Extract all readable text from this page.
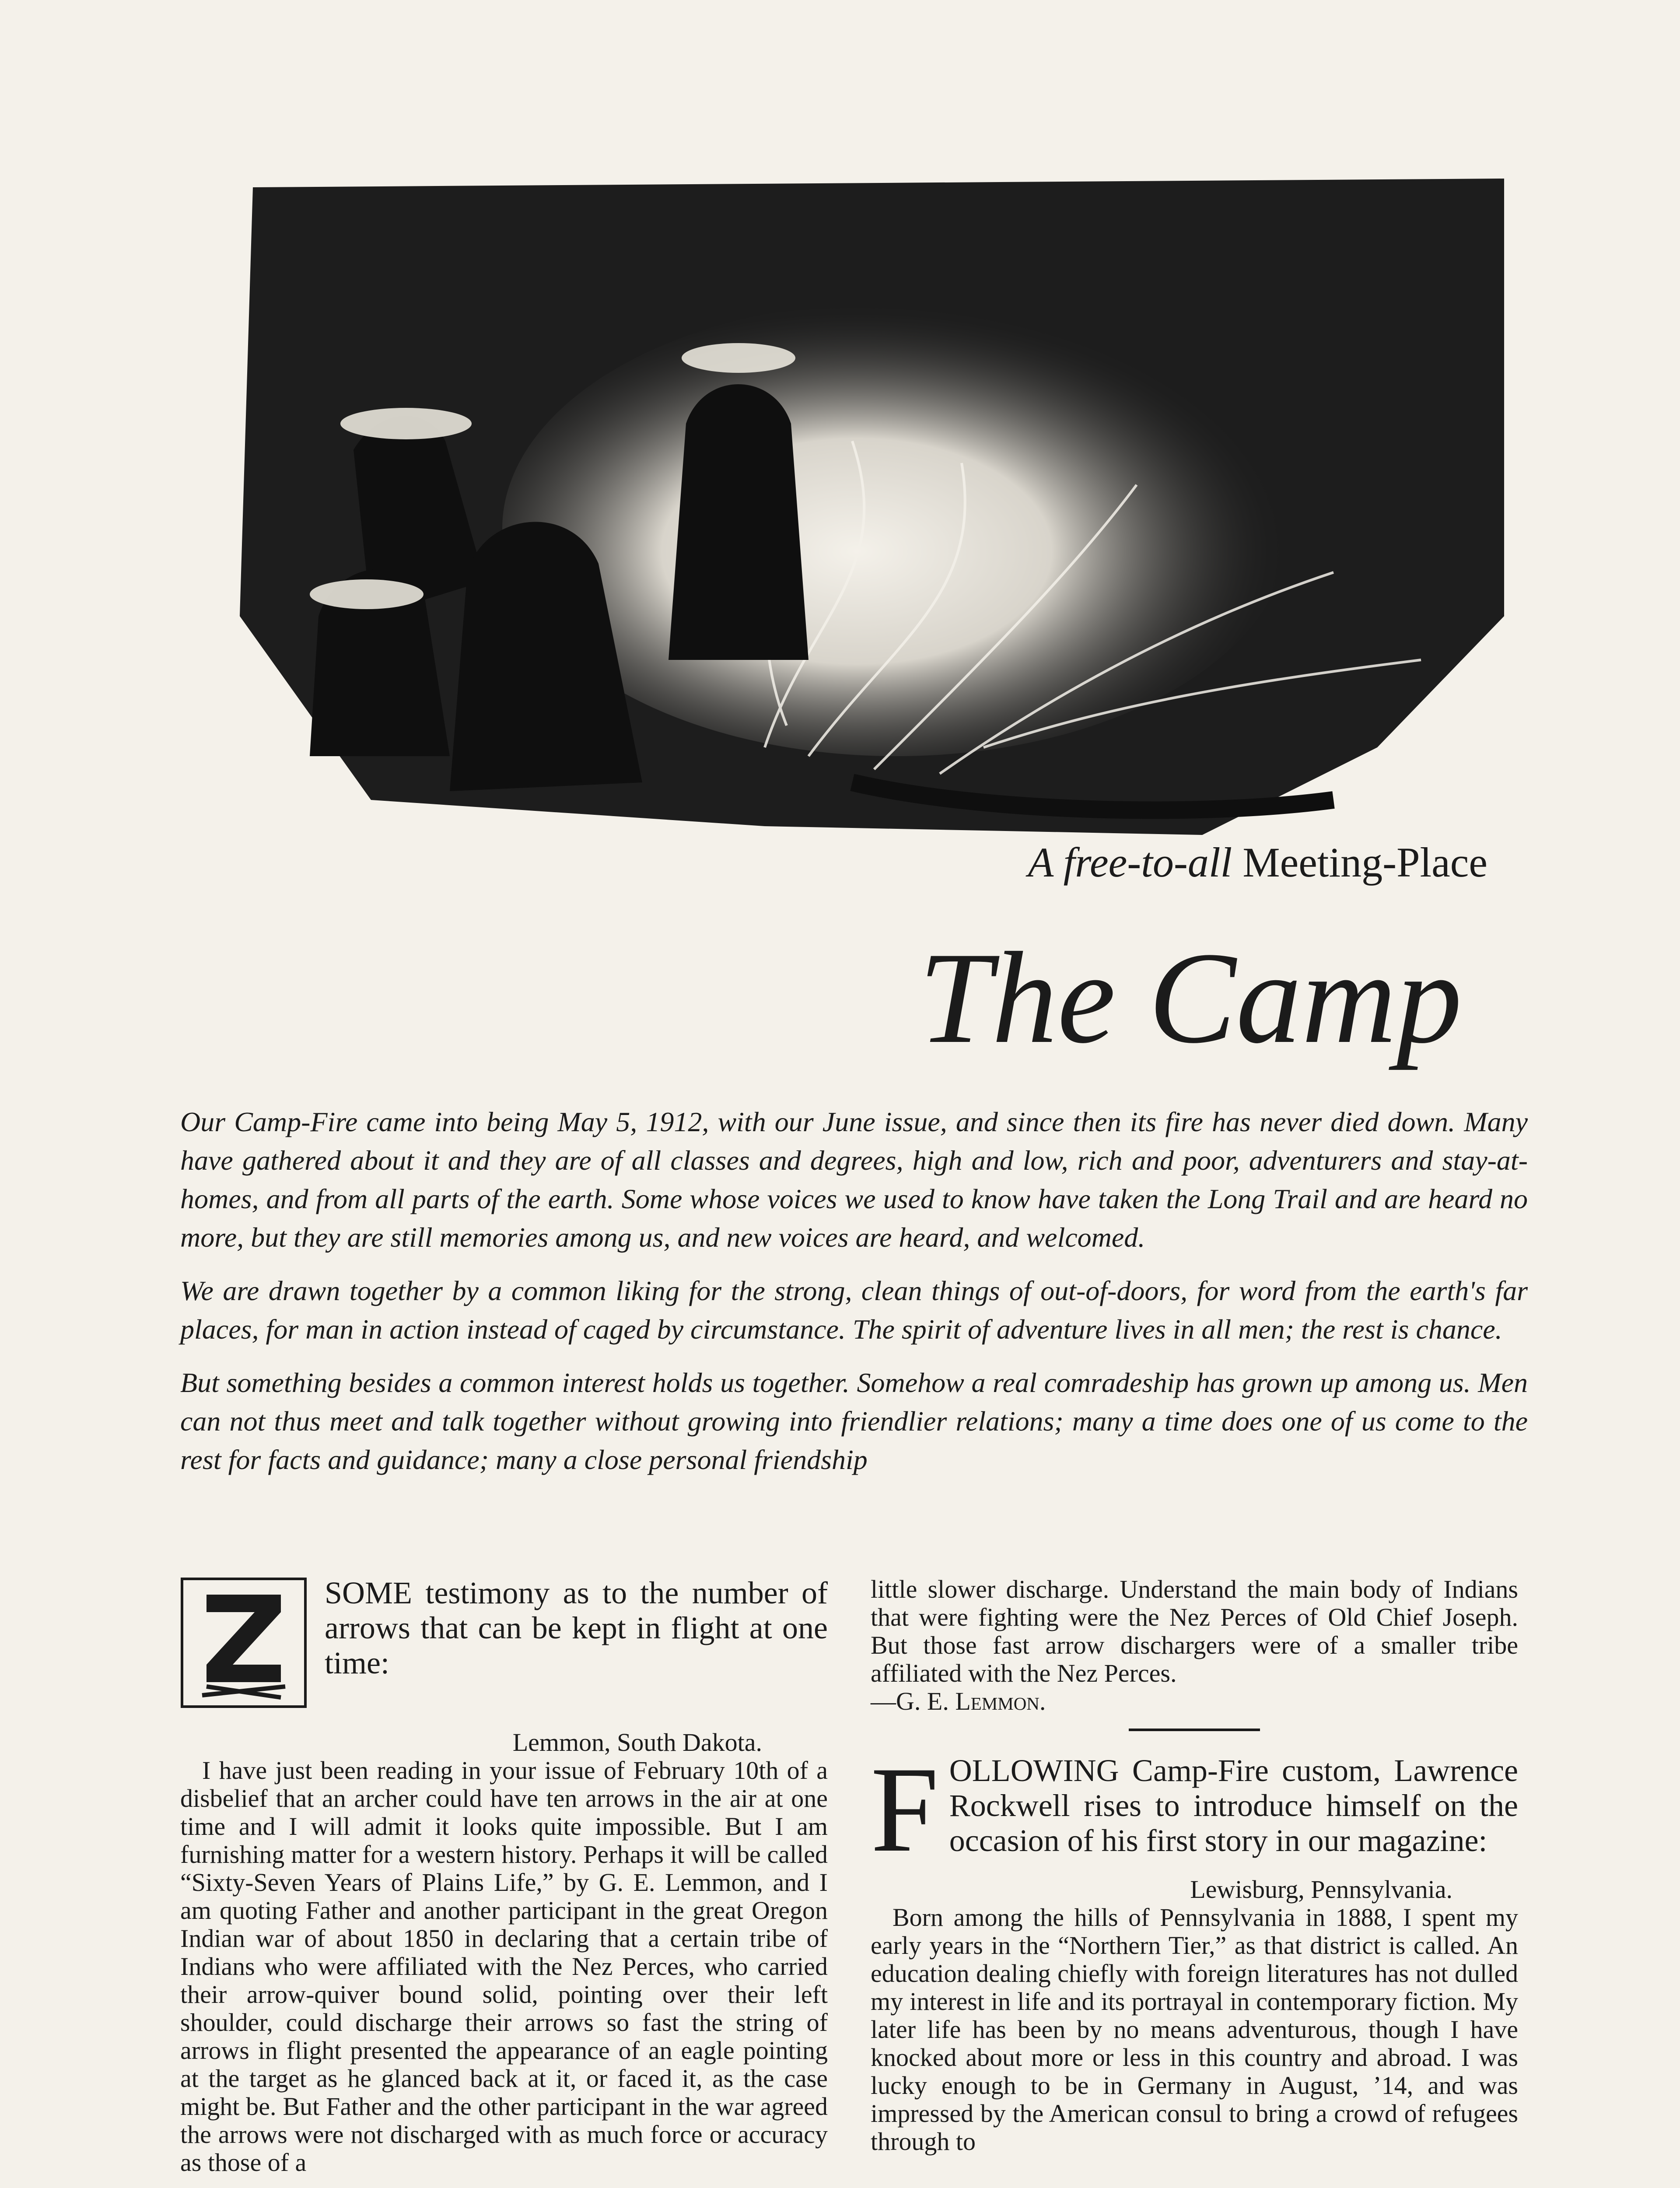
A free-to-all Meeting-Place
The Camp

Our Camp-Fire came into being May 5, 1912, with our June issue, and since then its fire has never died down. Many have gathered about it and they are of all classes and degrees, high and low, rich and poor, adventurers and stay-at-homes, and from all parts of the earth. Some whose voices we used to know have taken the Long Trail and are heard no more, but they are still memories among us, and new voices are heard, and welcomed.

We are drawn together by a common liking for the strong, clean things of out-of-doors, for word from the earth's far places, for man in action instead of caged by circumstance. The spirit of adventure lives in all men; the rest is chance.

But something besides a common interest holds us together. Somehow a real comradeship has grown up among us. Men can not thus meet and talk together without growing into friendlier relations; many a time does one of us come to the rest for facts and guidance; many a close personal friendship

SOME testimony as to the number of arrows that can be kept in flight at one time:

Lemmon, South Dakota.

I have just been reading in your issue of February 10th of a disbelief that an archer could have ten arrows in the air at one time and I will admit it looks quite impossible. But I am furnishing matter for a western history. Perhaps it will be called “Sixty-Seven Years of Plains Life,” by G. E. Lemmon, and I am quoting Father and another participant in the great Oregon Indian war of about 1850 in declaring that a certain tribe of Indians who were affiliated with the Nez Perces, who carried their arrow-quiver bound solid, pointing over their left shoulder, could discharge their arrows so fast the string of arrows in flight presented the appearance of an eagle pointing at the target as he glanced back at it, or faced it, as the case might be. But Father and the other participant in the war agreed the arrows were not discharged with as much force or accuracy as those of a

little slower discharge. Understand the main body of Indians that were fighting were the Nez Perces of Old Chief Joseph. But those fast arrow dischargers were of a smaller tribe affiliated with the Nez Perces.

—G. E. Lemmon.

F OLLOWING Camp-Fire custom, Lawrence Rockwell rises to introduce himself on the occasion of his first story in our magazine:

Lewisburg, Pennsylvania.

Born among the hills of Pennsylvania in 1888, I spent my early years in the “Northern Tier,” as that district is called. An education dealing chiefly with foreign literatures has not dulled my interest in life and its portrayal in contemporary fiction. My later life has been by no means adventurous, though I have knocked about more or less in this country and abroad. I was lucky enough to be in Germany in August, ’14, and was impressed by the American consul to bring a crowd of refugees through to
